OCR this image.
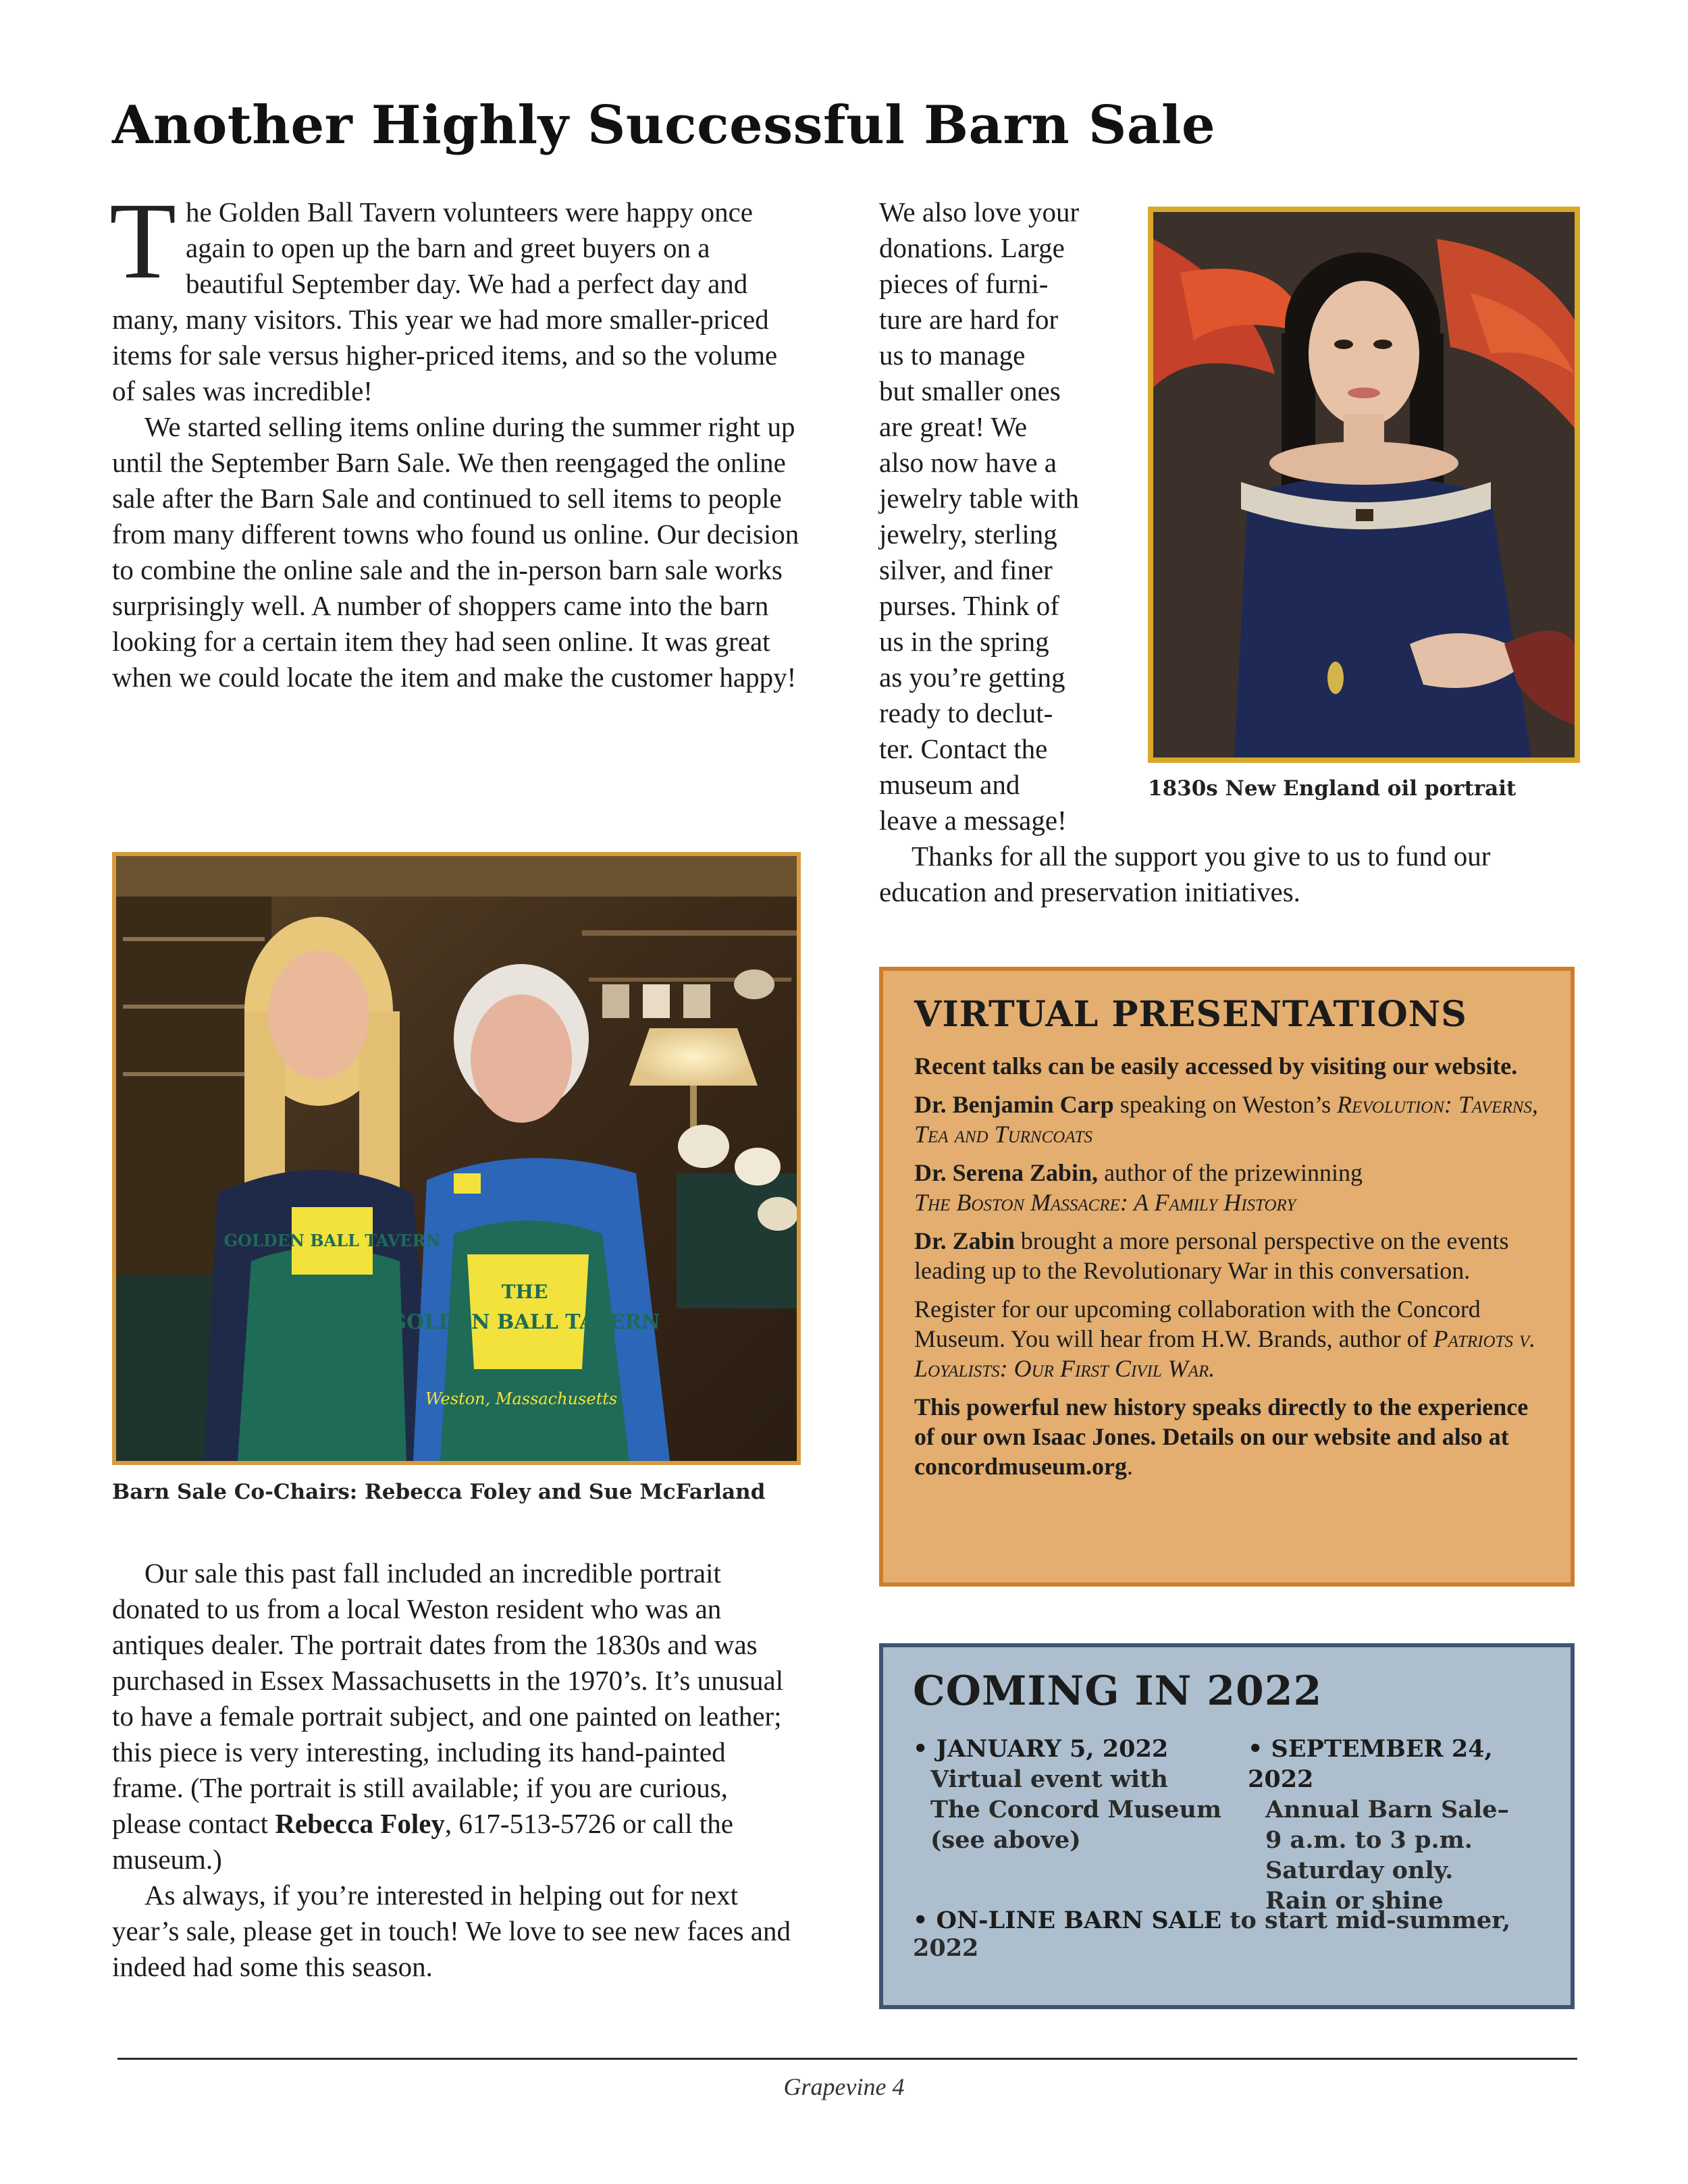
Another Highly Successful Barn Sale

T he Golden Ball Tavern volunteers were happy once again to open up the barn and greet buyers on a beautiful September day. We had a perfect day and many, many visitors. This year we had more smaller-priced items for sale versus higher-priced items, and so the volume of sales was incredible!

We started selling items online during the summer right up until the September Barn Sale. We then reengaged the online sale after the Barn Sale and continued to sell items to people from many different towns who found us online. Our decision to combine the online sale and the in-person barn sale works surprisingly well. A number of shoppers came into the barn looking for a certain item they had seen online. It was great when we could locate the item and make the customer happy!

THE
GOLDEN BALL TAVERN
GOLDEN BALL TAVERN
Weston, Massachusetts
Barn Sale Co-Chairs: Rebecca Foley and Sue McFarland

Our sale this past fall included an incredible portrait donated to us from a local Weston resident who was an antiques dealer. The portrait dates from the 1830s and was purchased in Essex Massachusetts in the 1970’s. It’s unusual to have a female portrait subject, and one painted on leather; this piece is very interesting, including its hand-painted frame. (The portrait is still available; if you are curious, please contact Rebecca Foley, 617-513-5726 or call the museum.)

As always, if you’re interested in helping out for next year’s sale, please get in touch! We love to see new faces and indeed had some this season.

We also love your
donations. Large
pieces of furni-
ture are hard for
us to manage
but smaller ones
are great! We
also now have a
jewelry table with
jewelry, sterling
silver, and finer
purses. Think of
us in the spring
as you’re getting
ready to declut-
ter. Contact the
museum and
leave a message!
1830s New England oil portrait

Thanks for all the support you give to us to fund our education and preservation initiatives.

VIRTUAL PRESENTATIONS

Recent talks can be easily accessed by visiting our website.

Dr. Benjamin Carp speaking on Weston’s Revolution: Taverns, Tea and Turncoats

Dr. Serena Zabin, author of the prizewinning
The Boston Massacre: A Family History

Dr. Zabin brought a more personal perspective on the events leading up to the Revolutionary War in this conversation.

Register for our upcoming collaboration with the Concord Museum. You will hear from H.W. Brands, author of Patriots v. Loyalists: Our First Civil War.

This powerful new history speaks directly to the experience of our own Isaac Jones. Details on our website and also at concordmuseum.org.

COMING IN 2022
• JANUARY 5, 2022
Virtual event with
The Concord Museum
(see above)
• SEPTEMBER 24, 2022
Annual Barn Sale–
9 a.m. to 3 p.m.
Saturday only.
Rain or shine
• ON-LINE BARN SALE to start mid-summer, 2022
Grapevine 4
